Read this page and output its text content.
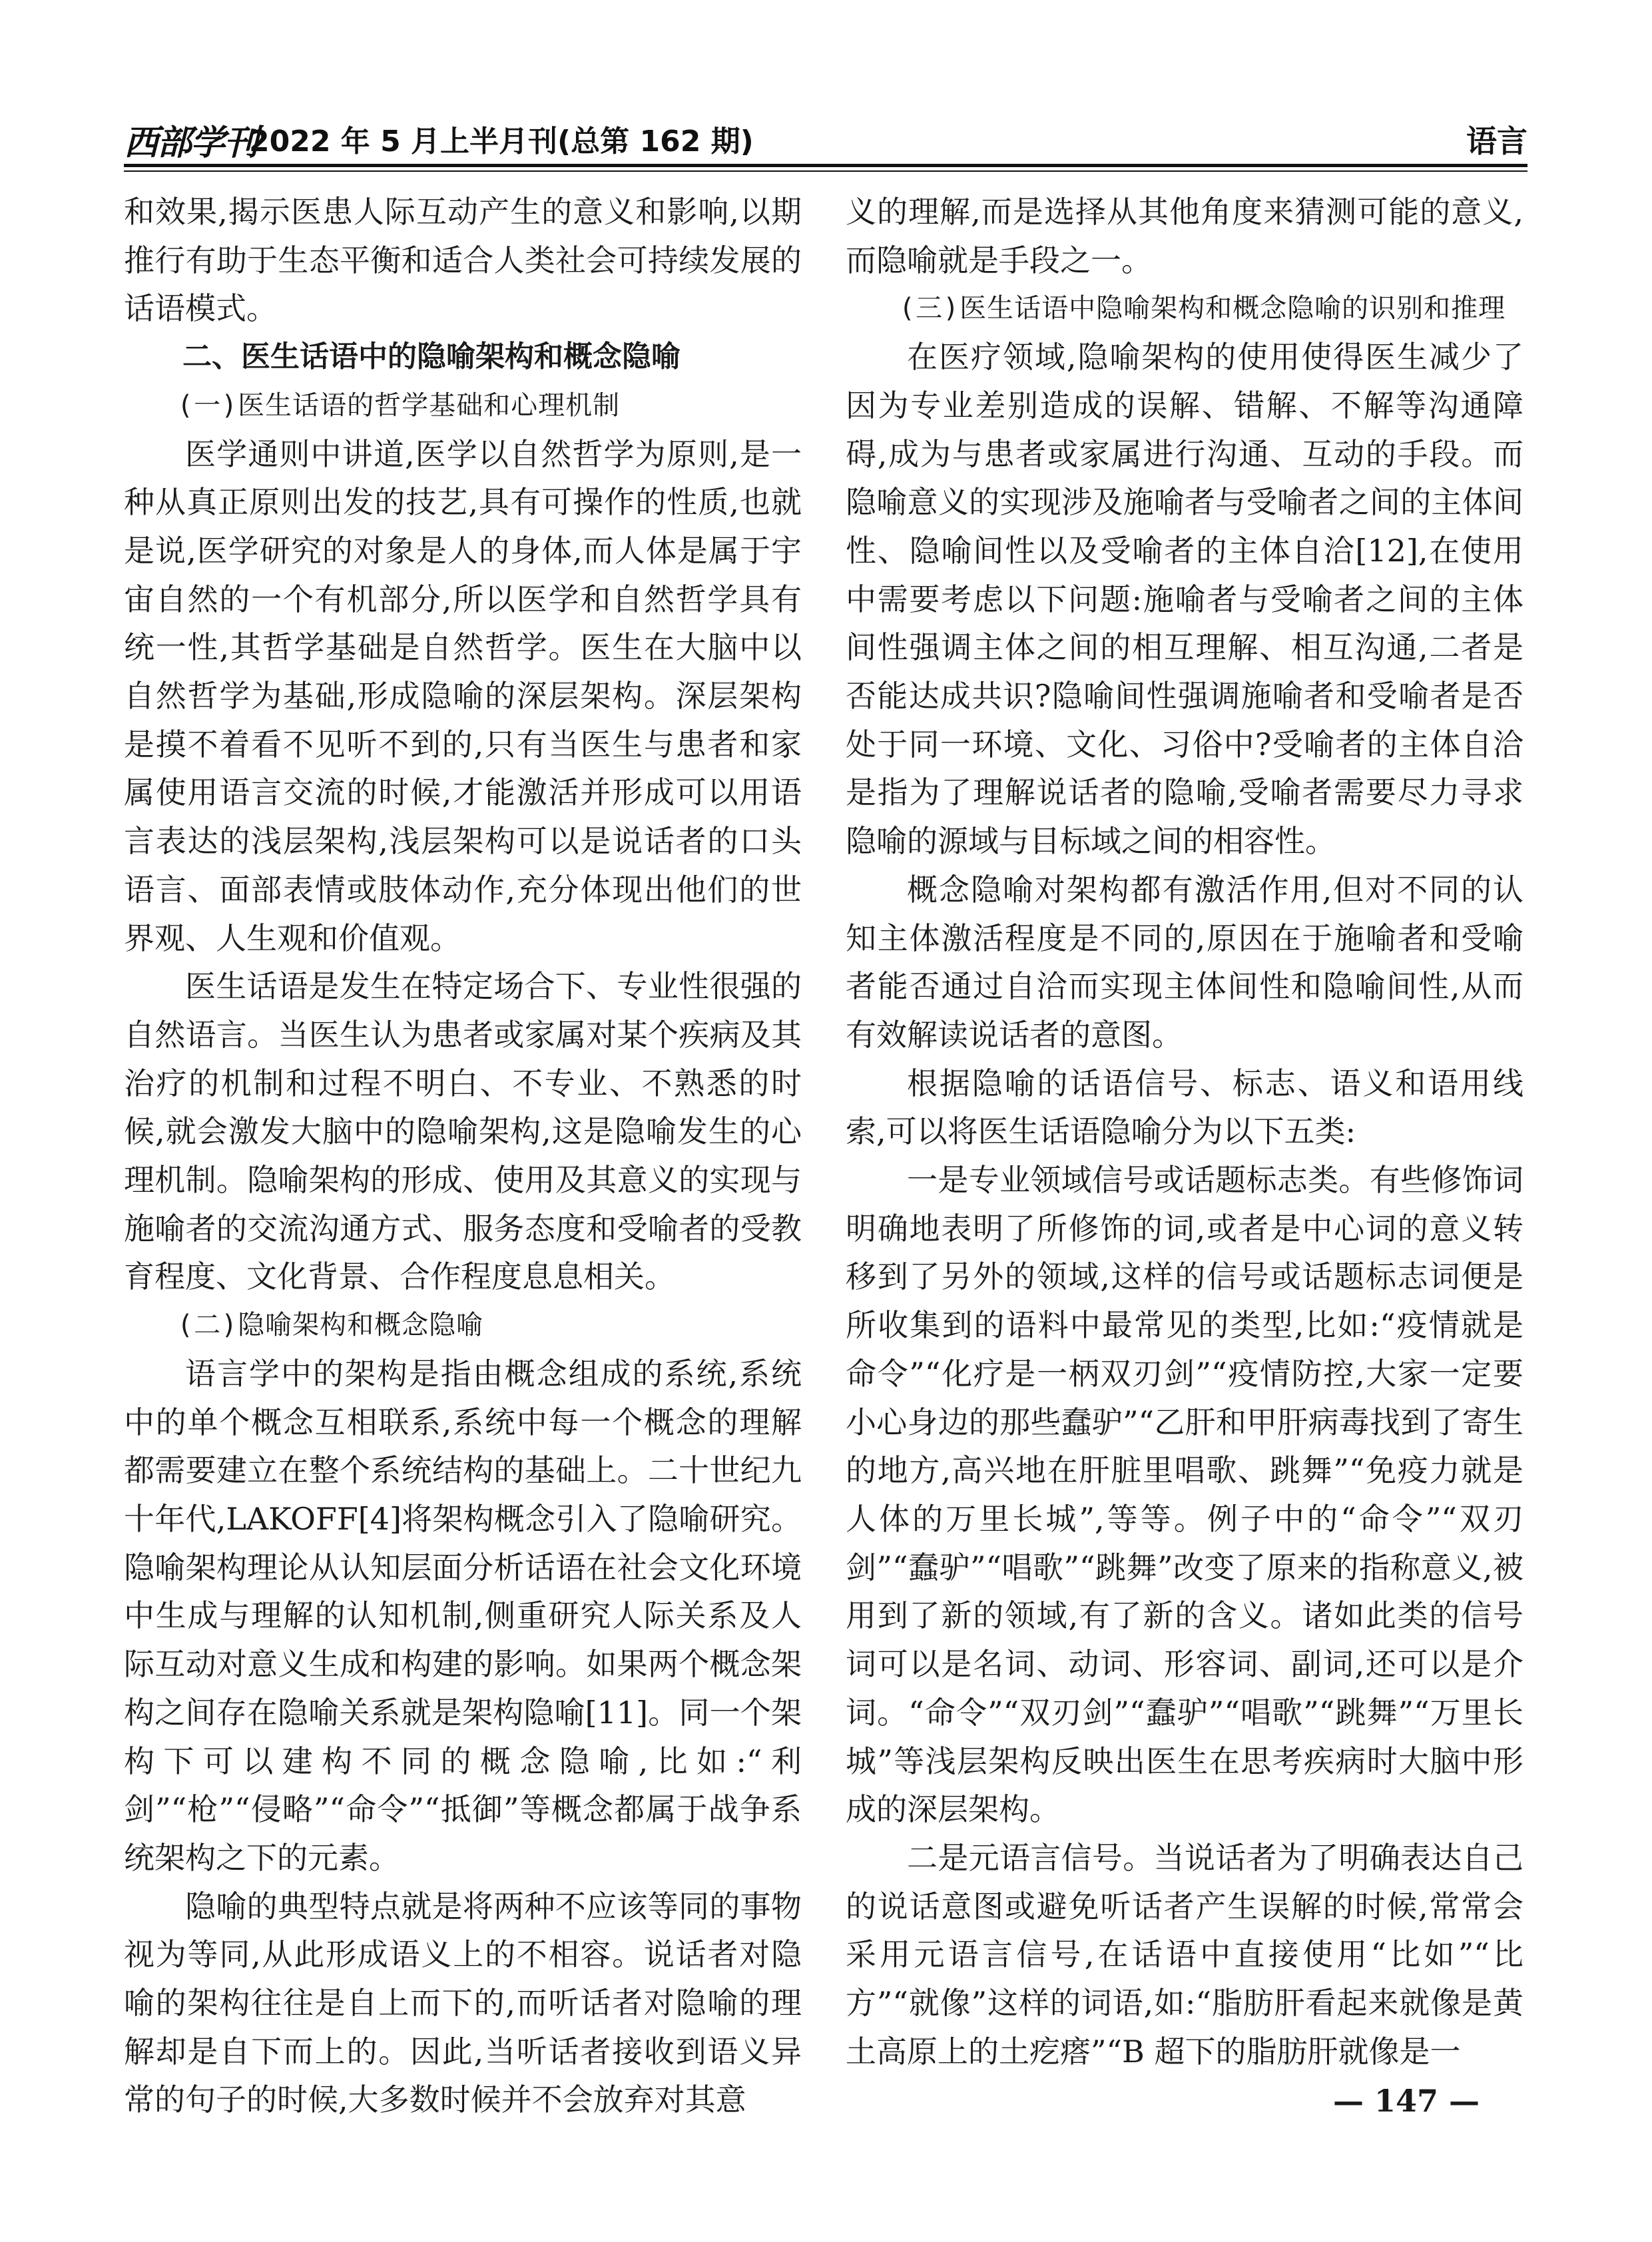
西部学刊
2022 年 5 月上半月刊(总第 162 期)	语言

和效果,揭示医患人际互动产生的意义和影响,以期推行有助于生态平衡和适合人类社会可持续发展的话语模式。

二、医生话语中的隐喻架构和概念隐喻
(一)医生话语的哲学基础和心理机制

医学通则中讲道,医学以自然哲学为原则,是一种从真正原则出发的技艺,具有可操作的性质,也就是说,医学研究的对象是人的身体,而人体是属于宇宙自然的一个有机部分,所以医学和自然哲学具有统一性,其哲学基础是自然哲学。医生在大脑中以自然哲学为基础,形成隐喻的深层架构。深层架构是摸不着看不见听不到的,只有当医生与患者和家属使用语言交流的时候,才能激活并形成可以用语言表达的浅层架构,浅层架构可以是说话者的口头语言、面部表情或肢体动作,充分体现出他们的世界观、人生观和价值观。

医生话语是发生在特定场合下、专业性很强的自然语言。当医生认为患者或家属对某个疾病及其治疗的机制和过程不明白、不专业、不熟悉的时候,就会激发大脑中的隐喻架构,这是隐喻发生的心理机制。隐喻架构的形成、使用及其意义的实现与施喻者的交流沟通方式、服务态度和受喻者的受教育程度、文化背景、合作程度息息相关。

(二)隐喻架构和概念隐喻

语言学中的架构是指由概念组成的系统,系统中的单个概念互相联系,系统中每一个概念的理解都需要建立在整个系统结构的基础上。二十世纪九十年代,LAKOFF[4]将架构概念引入了隐喻研究。隐喻架构理论从认知层面分析话语在社会文化环境中生成与理解的认知机制,侧重研究人际关系及人际互动对意义生成和构建的影响。如果两个概念架构之间存在隐喻关系就是架构隐喻[11]。同一个架构下可以建构不同的概念隐喻,比如:“利剑”“枪”“侵略”“命令”“抵御”等概念都属于战争系统架构之下的元素。

隐喻的典型特点就是将两种不应该等同的事物视为等同,从此形成语义上的不相容。说话者对隐喻的架构往往是自上而下的,而听话者对隐喻的理解却是自下而上的。因此,当听话者接收到语义异常的句子的时候,大多数时候并不会放弃对其意

义的理解,而是选择从其他角度来猜测可能的意义,而隐喻就是手段之一。

(三)医生话语中隐喻架构和概念隐喻的识别和推理

在医疗领域,隐喻架构的使用使得医生减少了因为专业差别造成的误解、错解、不解等沟通障碍,成为与患者或家属进行沟通、互动的手段。而隐喻意义的实现涉及施喻者与受喻者之间的主体间性、隐喻间性以及受喻者的主体自洽[12],在使用中需要考虑以下问题:施喻者与受喻者之间的主体间性强调主体之间的相互理解、相互沟通,二者是否能达成共识?隐喻间性强调施喻者和受喻者是否处于同一环境、文化、习俗中?受喻者的主体自洽是指为了理解说话者的隐喻,受喻者需要尽力寻求隐喻的源域与目标域之间的相容性。

概念隐喻对架构都有激活作用,但对不同的认知主体激活程度是不同的,原因在于施喻者和受喻者能否通过自洽而实现主体间性和隐喻间性,从而有效解读说话者的意图。

根据隐喻的话语信号、标志、语义和语用线索,可以将医生话语隐喻分为以下五类:

一是专业领域信号或话题标志类。有些修饰词明确地表明了所修饰的词,或者是中心词的意义转移到了另外的领域,这样的信号或话题标志词便是所收集到的语料中最常见的类型,比如:“疫情就是命令”“化疗是一柄双刃剑”“疫情防控,大家一定要小心身边的那些蠢驴”“乙肝和甲肝病毒找到了寄生的地方,高兴地在肝脏里唱歌、跳舞”“免疫力就是人体的万里长城”,等等。例子中的“命令”“双刃剑”“蠢驴”“唱歌”“跳舞”改变了原来的指称意义,被用到了新的领域,有了新的含义。诸如此类的信号词可以是名词、动词、形容词、副词,还可以是介词。“命令”“双刃剑”“蠢驴”“唱歌”“跳舞”“万里长城”等浅层架构反映出医生在思考疾病时大脑中形成的深层架构。

二是元语言信号。当说话者为了明确表达自己的说话意图或避免听话者产生误解的时候,常常会采用元语言信号,在话语中直接使用“比如”“比方”“就像”这样的词语,如:“脂肪肝看起来就像是黄土高原上的土疙瘩”“B 超下的脂肪肝就像是一

— 147 —
